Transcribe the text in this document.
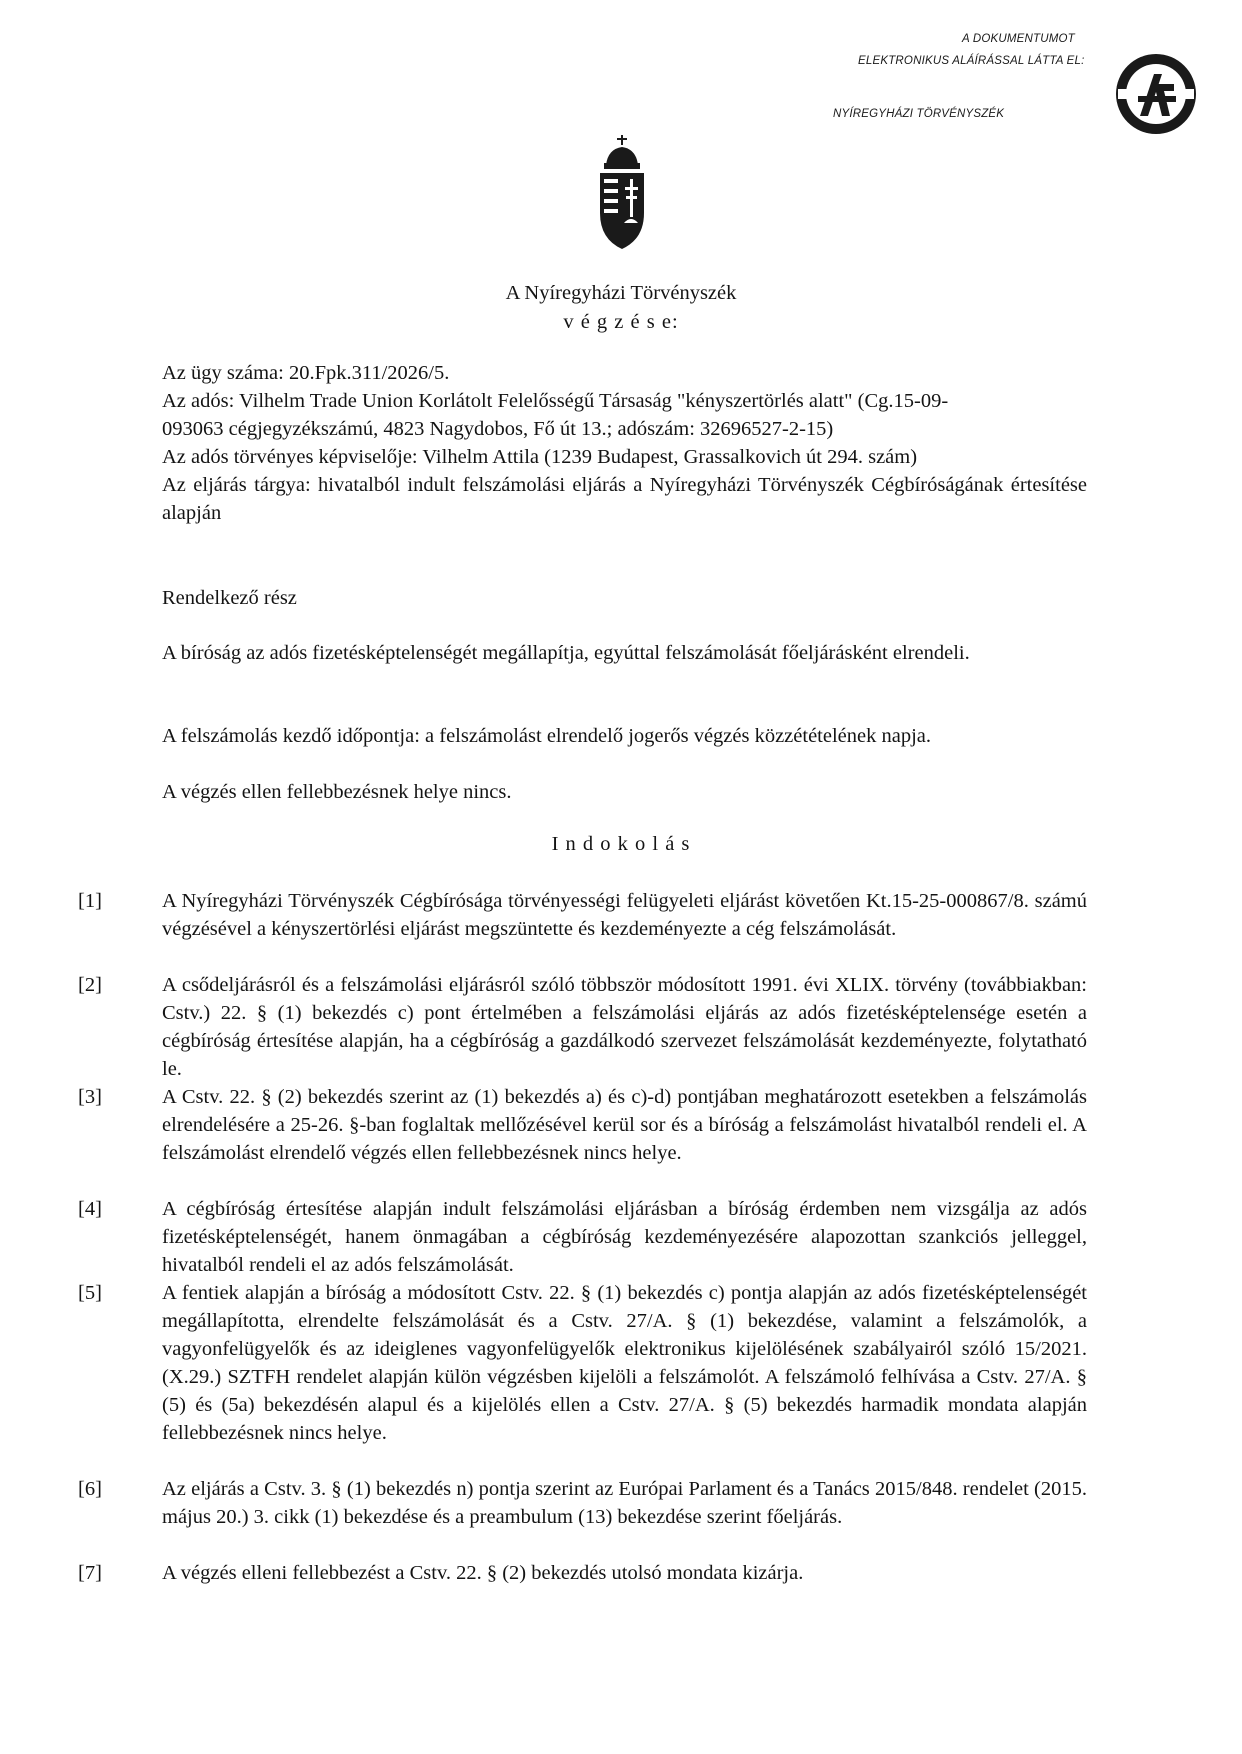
A DOKUMENTUMOT
ELEKTRONIKUS ALÁÍRÁSSAL LÁTTA EL:
NYÍREGYHÁZI TÖRVÉNYSZÉK
A Nyíregyházi Törvényszék
v é g z é s e:
Az ügy száma: 20.Fpk.311/2026/5.
Az adós: Vilhelm Trade Union Korlátolt Felelősségű Társaság "kényszertörlés alatt" (Cg.15-09-
093063 cégjegyzékszámú, 4823 Nagydobos, Fő út 13.; adószám: 32696527-2-15)
Az adós törvényes képviselője: Vilhelm Attila (1239 Budapest, Grassalkovich út 294. szám)

Az eljárás tárgya: hivatalból indult felszámolási eljárás a Nyíregyházi Törvényszék Cégbíróságának értesítése alapján

Rendelkező rész

A bíróság az adós fizetésképtelenségét megállapítja, egyúttal felszámolását főeljárásként elrendeli.

A felszámolás kezdő időpontja: a felszámolást elrendelő jogerős végzés közzétételének napja.
A végzés ellen fellebbezésnek helye nincs.
I n d o k o l á s
[1]	A Nyíregyházi Törvényszék Cégbírósága törvényességi felügyeleti eljárást követően Kt.15-25-000867/8. számú végzésével a kényszertörlési eljárást megszüntette és kezdeményezte a cég felszámolását.

[2]	A csődeljárásról és a felszámolási eljárásról szóló többször módosított 1991. évi XLIX. törvény (továbbiakban: Cstv.) 22. § (1) bekezdés c) pont értelmében a felszámolási eljárás az adós fizetésképtelensége esetén a cégbíróság értesítése alapján, ha a cégbíróság a gazdálkodó szervezet felszámolását kezdeményezte, folytatható le.

[3]	A Cstv. 22. § (2) bekezdés szerint az (1) bekezdés a) és c)-d) pontjában meghatározott esetekben a felszámolás elrendelésére a 25-26. §-ban foglaltak mellőzésével kerül sor és a bíróság a felszámolást hivatalból rendeli el. A felszámolást elrendelő végzés ellen fellebbezésnek nincs helye.

[4]	A cégbíróság értesítése alapján indult felszámolási eljárásban a bíróság érdemben nem vizsgálja az adós fizetésképtelenségét, hanem önmagában a cégbíróság kezdeményezésére alapozottan szankciós jelleggel, hivatalból rendeli el az adós felszámolását.

[5]	A fentiek alapján a bíróság a módosított Cstv. 22. § (1) bekezdés c) pontja alapján az adós fizetésképtelenségét megállapította, elrendelte felszámolását és a Cstv. 27/A. § (1) bekezdése, valamint a felszámolók, a vagyonfelügyelők és az ideiglenes vagyonfelügyelők elektronikus kijelölésének szabályairól szóló 15/2021. (X.29.) SZTFH rendelet alapján külön végzésben kijelöli a felszámolót. A felszámoló felhívása a Cstv. 27/A. § (5) és (5a) bekezdésén alapul és a kijelölés ellen a Cstv. 27/A. § (5) bekezdés harmadik mondata alapján fellebbezésnek nincs helye.

[6]	Az eljárás a Cstv. 3. § (1) bekezdés n) pontja szerint az Európai Parlament és a Tanács 2015/848. rendelet (2015. május 20.) 3. cikk (1) bekezdése és a preambulum (13) bekezdése szerint főeljárás.

[7]	A végzés elleni fellebbezést a Cstv. 22. § (2) bekezdés utolsó mondata kizárja.
